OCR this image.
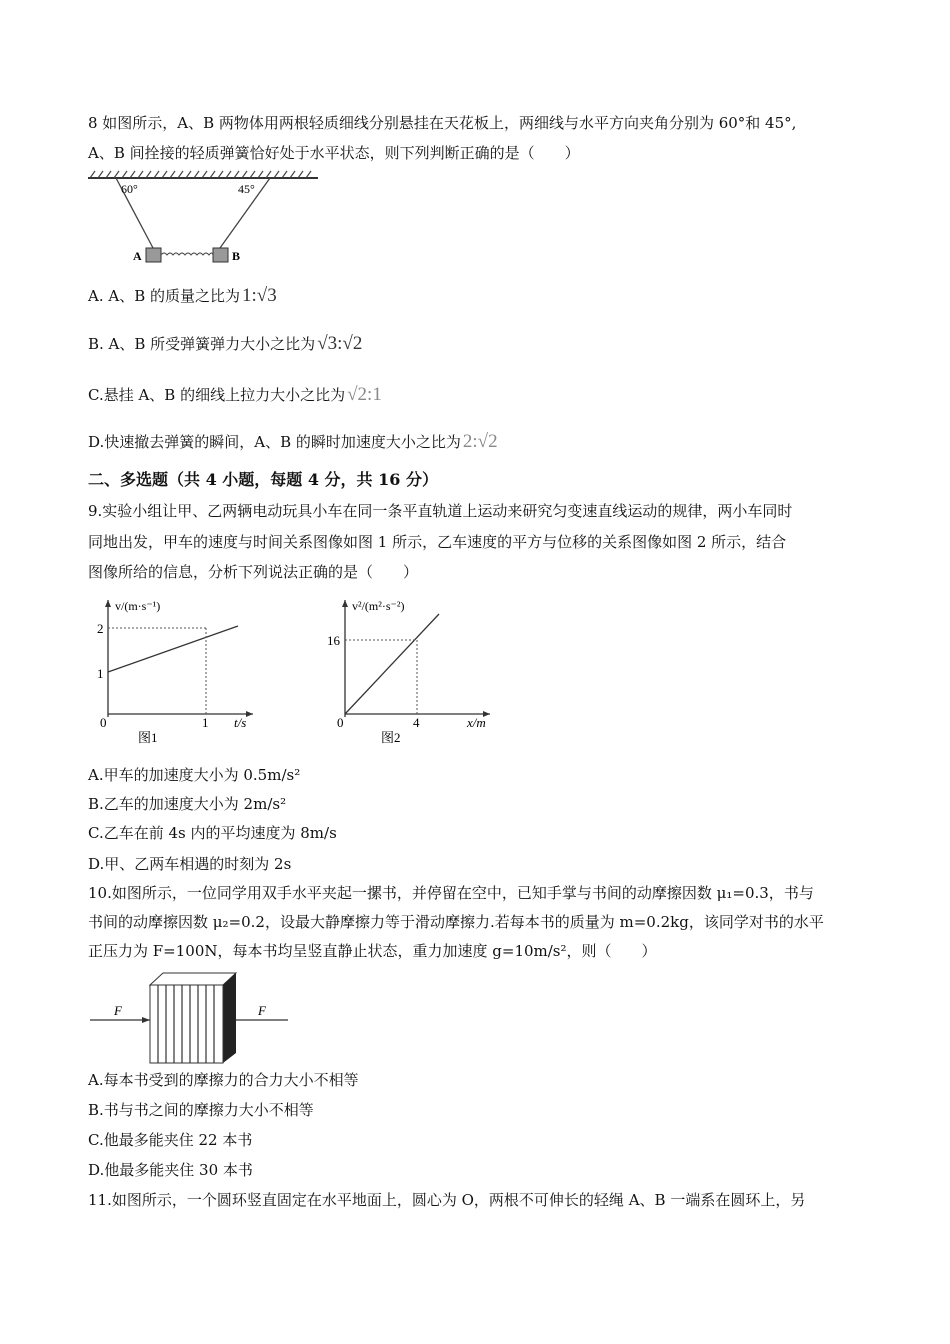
8 如图所示，A、B 两物体用两根轻质细线分别悬挂在天花板上，两细线与水平方向夹角分别为 60°和 45°,
A、B 间拴接的轻质弹簧恰好处于水平状态，则下列判断正确的是（　　）
60°	45°
A	B
A. A、B 的质量之比为 1:√3
B. A、B 所受弹簧弹力大小之比为 √3:√2
C.悬挂 A、B 的细线上拉力大小之比为 √2:1
D.快速撤去弹簧的瞬间，A、B 的瞬时加速度大小之比为 2:√2
二、多选题（共 4 小题，每题 4 分，共 16 分）
9.实验小组让甲、乙两辆电动玩具小车在同一条平直轨道上运动来研究匀变速直线运动的规律，两小车同时
同地出发，甲车的速度与时间关系图像如图 1 所示，乙车速度的平方与位移的关系图像如图 2 所示，结合
图像所给的信息，分析下列说法正确的是（　　）
v/(m·s⁻¹)
2
1
0	1 t/s
图1
v²/(m²·s⁻²)
16
0	4	x/m
图2
A.甲车的加速度大小为 0.5m/s²
B.乙车的加速度大小为 2m/s²
C.乙车在前 4s 内的平均速度为 8m/s
D.甲、乙两车相遇的时刻为 2s
10.如图所示，一位同学用双手水平夹起一摞书，并停留在空中，已知手掌与书间的动摩擦因数 μ₁=0.3，书与
书间的动摩擦因数 μ₂=0.2，设最大静摩擦力等于滑动摩擦力.若每本书的质量为 m=0.2kg，该同学对书的水平
正压力为 F=100N，每本书均呈竖直静止状态，重力加速度 g=10m/s²，则（　　）
F	F
A.每本书受到的摩擦力的合力大小不相等
B.书与书之间的摩擦力大小不相等
C.他最多能夹住 22 本书
D.他最多能夹住 30 本书
11.如图所示，一个圆环竖直固定在水平地面上，圆心为 O，两根不可伸长的轻绳 A、B 一端系在圆环上，另
